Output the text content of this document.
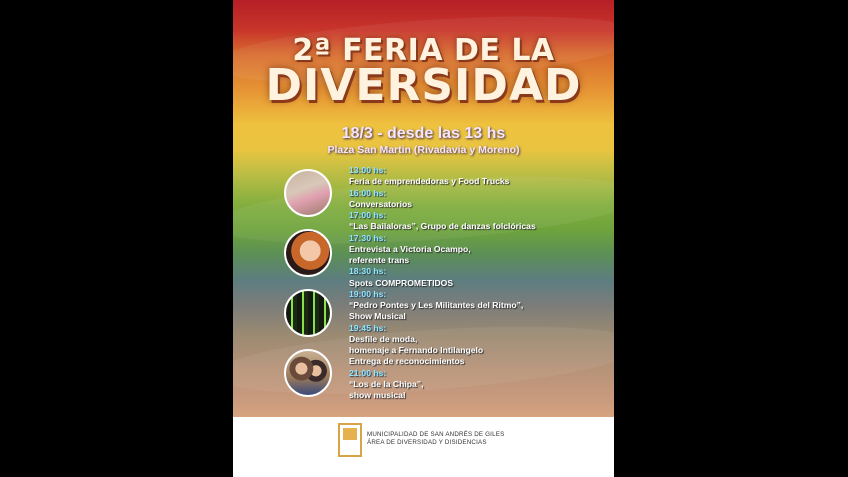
2ª FERIA DE LA
DIVERSIDAD
18/3 - desde las 13 hs
Plaza San Martin (Rivadavia y Moreno)
13:00 hs:
Feria de emprendedoras y Food Trucks
16:00 hs:
Conversatorios
17:00 hs:
“Las Bailaloras”, Grupo de danzas folclóricas
17:30 hs:
Entrevista a Victoria Ocampo,
referente trans
18:30 hs:
Spots COMPROMETIDOS
19:00 hs:
“Pedro Pontes y Les Militantes del Ritmo”,
Show Musical
19:45 hs:
Desfile de moda,
homenaje a Fernando Intilangelo
Entrega de reconocimientos
21:00 hs:
“Los de la Chipa”,
show musical
MUNICIPALIDAD DE SAN ANDRÉS DE GILES
ÁREA DE DIVERSIDAD Y DISIDENCIAS
